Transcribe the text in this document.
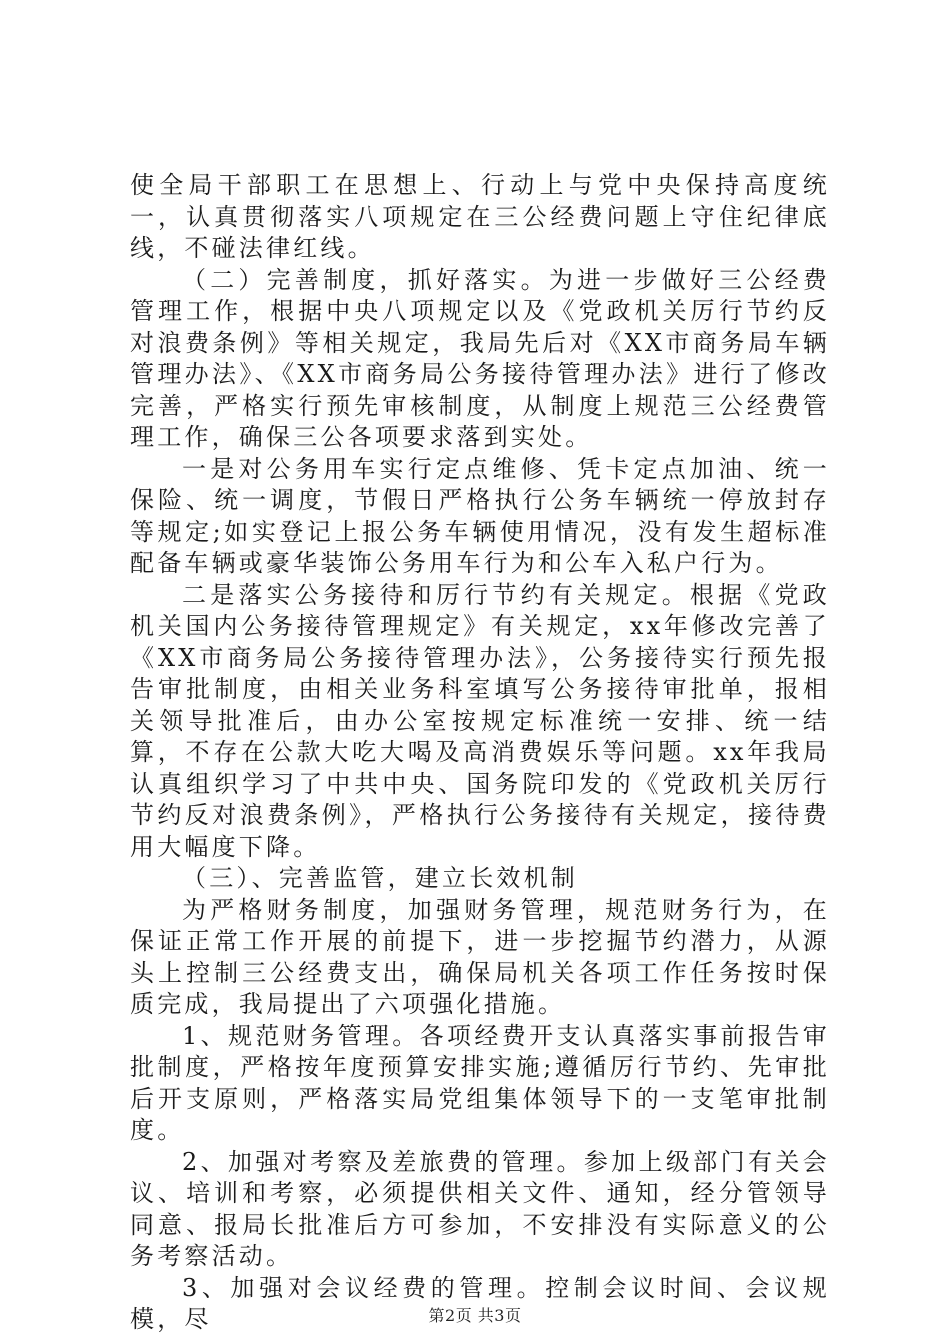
使全局干部职工在思想上、行动上与党中央保持高度统一，认真贯彻落实八项规定在三公经费问题上守住纪律底线，不碰法律红线。

（二）完善制度，抓好落实。为进一步做好三公经费管理工作，根据中央八项规定以及《党政机关厉行节约反对浪费条例》等相关规定，我局先后对《XX市商务局车辆管理办法》、《XX市商务局公务接待管理办法》进行了修改完善，严格实行预先审核制度，从制度上规范三公经费管理工作，确保三公各项要求落到实处。

一是对公务用车实行定点维修、凭卡定点加油、统一保险、统一调度，节假日严格执行公务车辆统一停放封存等规定;如实登记上报公务车辆使用情况，没有发生超标准配备车辆或豪华装饰公务用车行为和公车入私户行为。

二是落实公务接待和厉行节约有关规定。根据《党政机关国内公务接待管理规定》有关规定，xx年修改完善了《XX市商务局公务接待管理办法》，公务接待实行预先报告审批制度，由相关业务科室填写公务接待审批单，报相关领导批准后，由办公室按规定标准统一安排、统一结算，不存在公款大吃大喝及高消费娱乐等问题。xx年我局认真组织学习了中共中央、国务院印发的《党政机关厉行节约反对浪费条例》，严格执行公务接待有关规定，接待费用大幅度下降。

（三）、完善监管，建立长效机制

为严格财务制度，加强财务管理，规范财务行为，在保证正常工作开展的前提下，进一步挖掘节约潜力，从源头上控制三公经费支出，确保局机关各项工作任务按时保质完成，我局提出了六项强化措施。

1、规范财务管理。各项经费开支认真落实事前报告审批制度，严格按年度预算安排实施;遵循厉行节约、先审批后开支原则，严格落实局党组集体领导下的一支笔审批制度。

2、加强对考察及差旅费的管理。参加上级部门有关会议、培训和考察，必须提供相关文件、通知，经分管领导同意、报局长批准后方可参加，不安排没有实际意义的公务考察活动。

3、加强对会议经费的管理。控制会议时间、会议规模，尽	第2页 共3页
